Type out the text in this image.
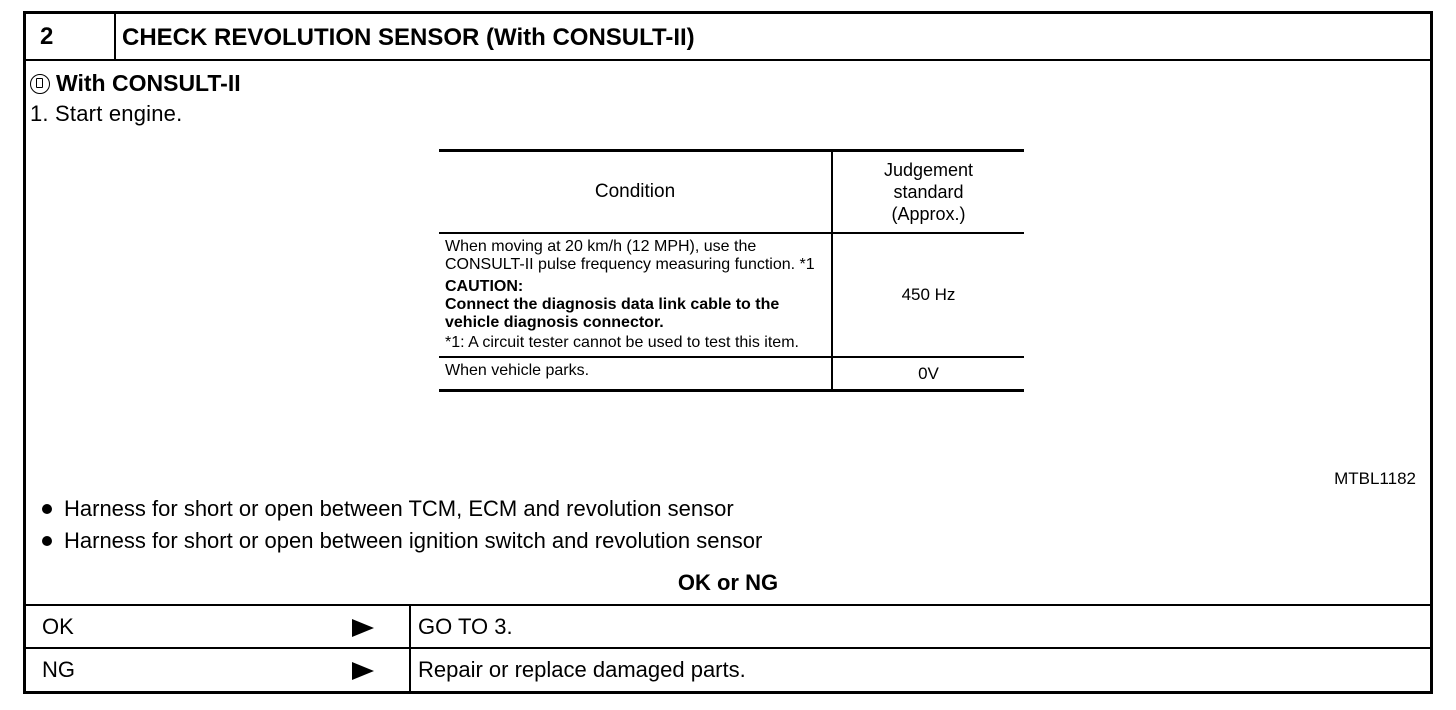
2	CHECK REVOLUTION SENSOR (With CONSULT-II)
With CONSULT-II
1. Start engine.
Condition	Judgement
standard
(Approx.)

When moving at 20 km/h (12 MPH), use the CONSULT-II pulse frequency measuring function. *1
CAUTION:
Connect the diagnosis data link cable to the vehicle diagnosis connector.
*1: A circuit tester cannot be used to test this item.	450 Hz
When vehicle parks.	0V
MTBL1182
Harness for short or open between TCM, ECM and revolution sensor
Harness for short or open between ignition switch and revolution sensor
OK or NG
OK	GO TO 3.
NG	Repair or replace damaged parts.
